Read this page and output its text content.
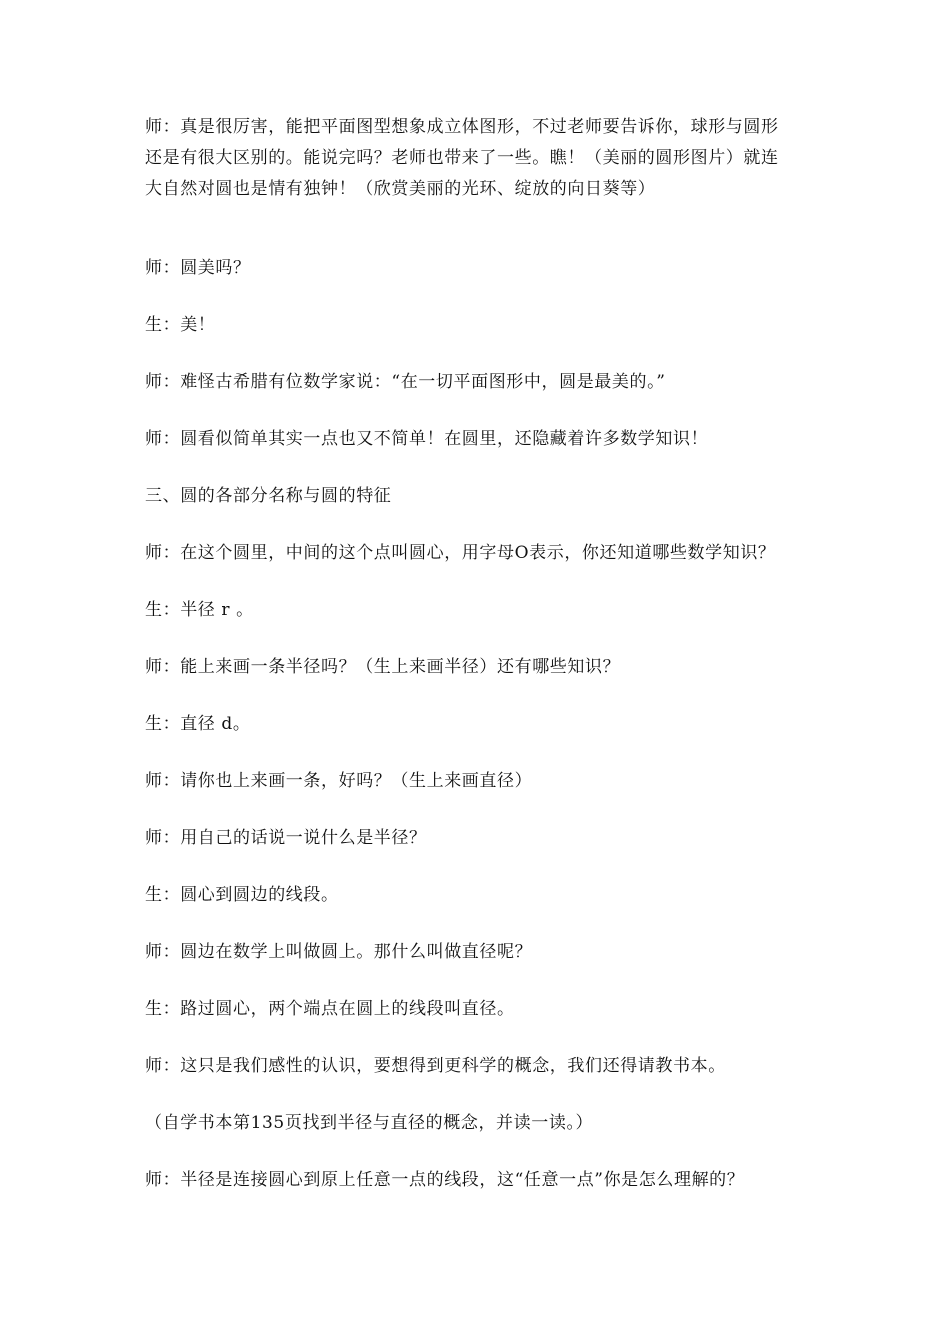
师：真是很厉害，能把平面图型想象成立体图形，不过老师要告诉你，球形与圆形
还是有很大区别的。能说完吗？老师也带来了一些。瞧！（美丽的圆形图片）就连
大自然对圆也是情有独钟！（欣赏美丽的光环、绽放的向日葵等）

师：圆美吗？

生：美！

师：难怪古希腊有位数学家说：“在一切平面图形中，圆是最美的。”

师：圆看似简单其实一点也又不简单！在圆里，还隐藏着许多数学知识！

三、圆的各部分名称与圆的特征

师：在这个圆里，中间的这个点叫圆心，用字母O表示，你还知道哪些数学知识？

生：半径 r 。

师：能上来画一条半径吗？（生上来画半径）还有哪些知识？

生：直径 d。

师：请你也上来画一条，好吗？（生上来画直径）

师：用自己的话说一说什么是半径？

生：圆心到圆边的线段。

师：圆边在数学上叫做圆上。那什么叫做直径呢？

生：路过圆心，两个端点在圆上的线段叫直径。

师：这只是我们感性的认识，要想得到更科学的概念，我们还得请教书本。

（自学书本第135页找到半径与直径的概念，并读一读。）

师：半径是连接圆心到原上任意一点的线段，这“任意一点”你是怎么理解的？
